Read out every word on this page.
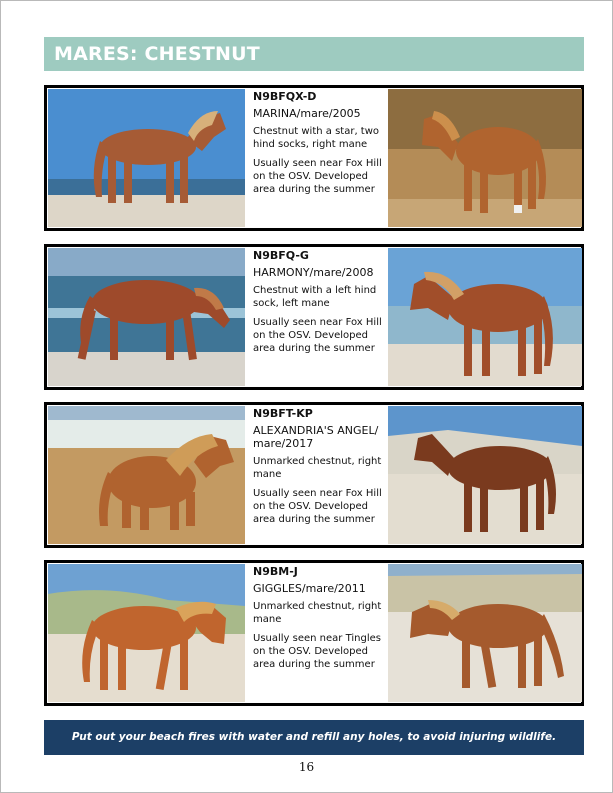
MARES: CHESTNUT
N9BFQX-D
MARINA/mare/2005
Chestnut with a star, two hind socks, right mane
Usually seen near Fox Hill on the OSV. Developed area during the summer
N9BFQ-G
HARMONY/mare/2008
Chestnut with a left hind sock, left mane
Usually seen near Fox Hill on the OSV. Developed area during the summer
N9BFT-KP
ALEXANDRIA'S ANGEL/ mare/2017
Unmarked chestnut, right mane
Usually seen near Fox Hill on the OSV. Developed area during the summer
N9BM-J
GIGGLES/mare/2011
Unmarked chestnut, right mane
Usually seen near Tingles on the OSV. Developed area during the summer
Put out your beach fires with water and refill any holes, to avoid injuring wildlife.
16
